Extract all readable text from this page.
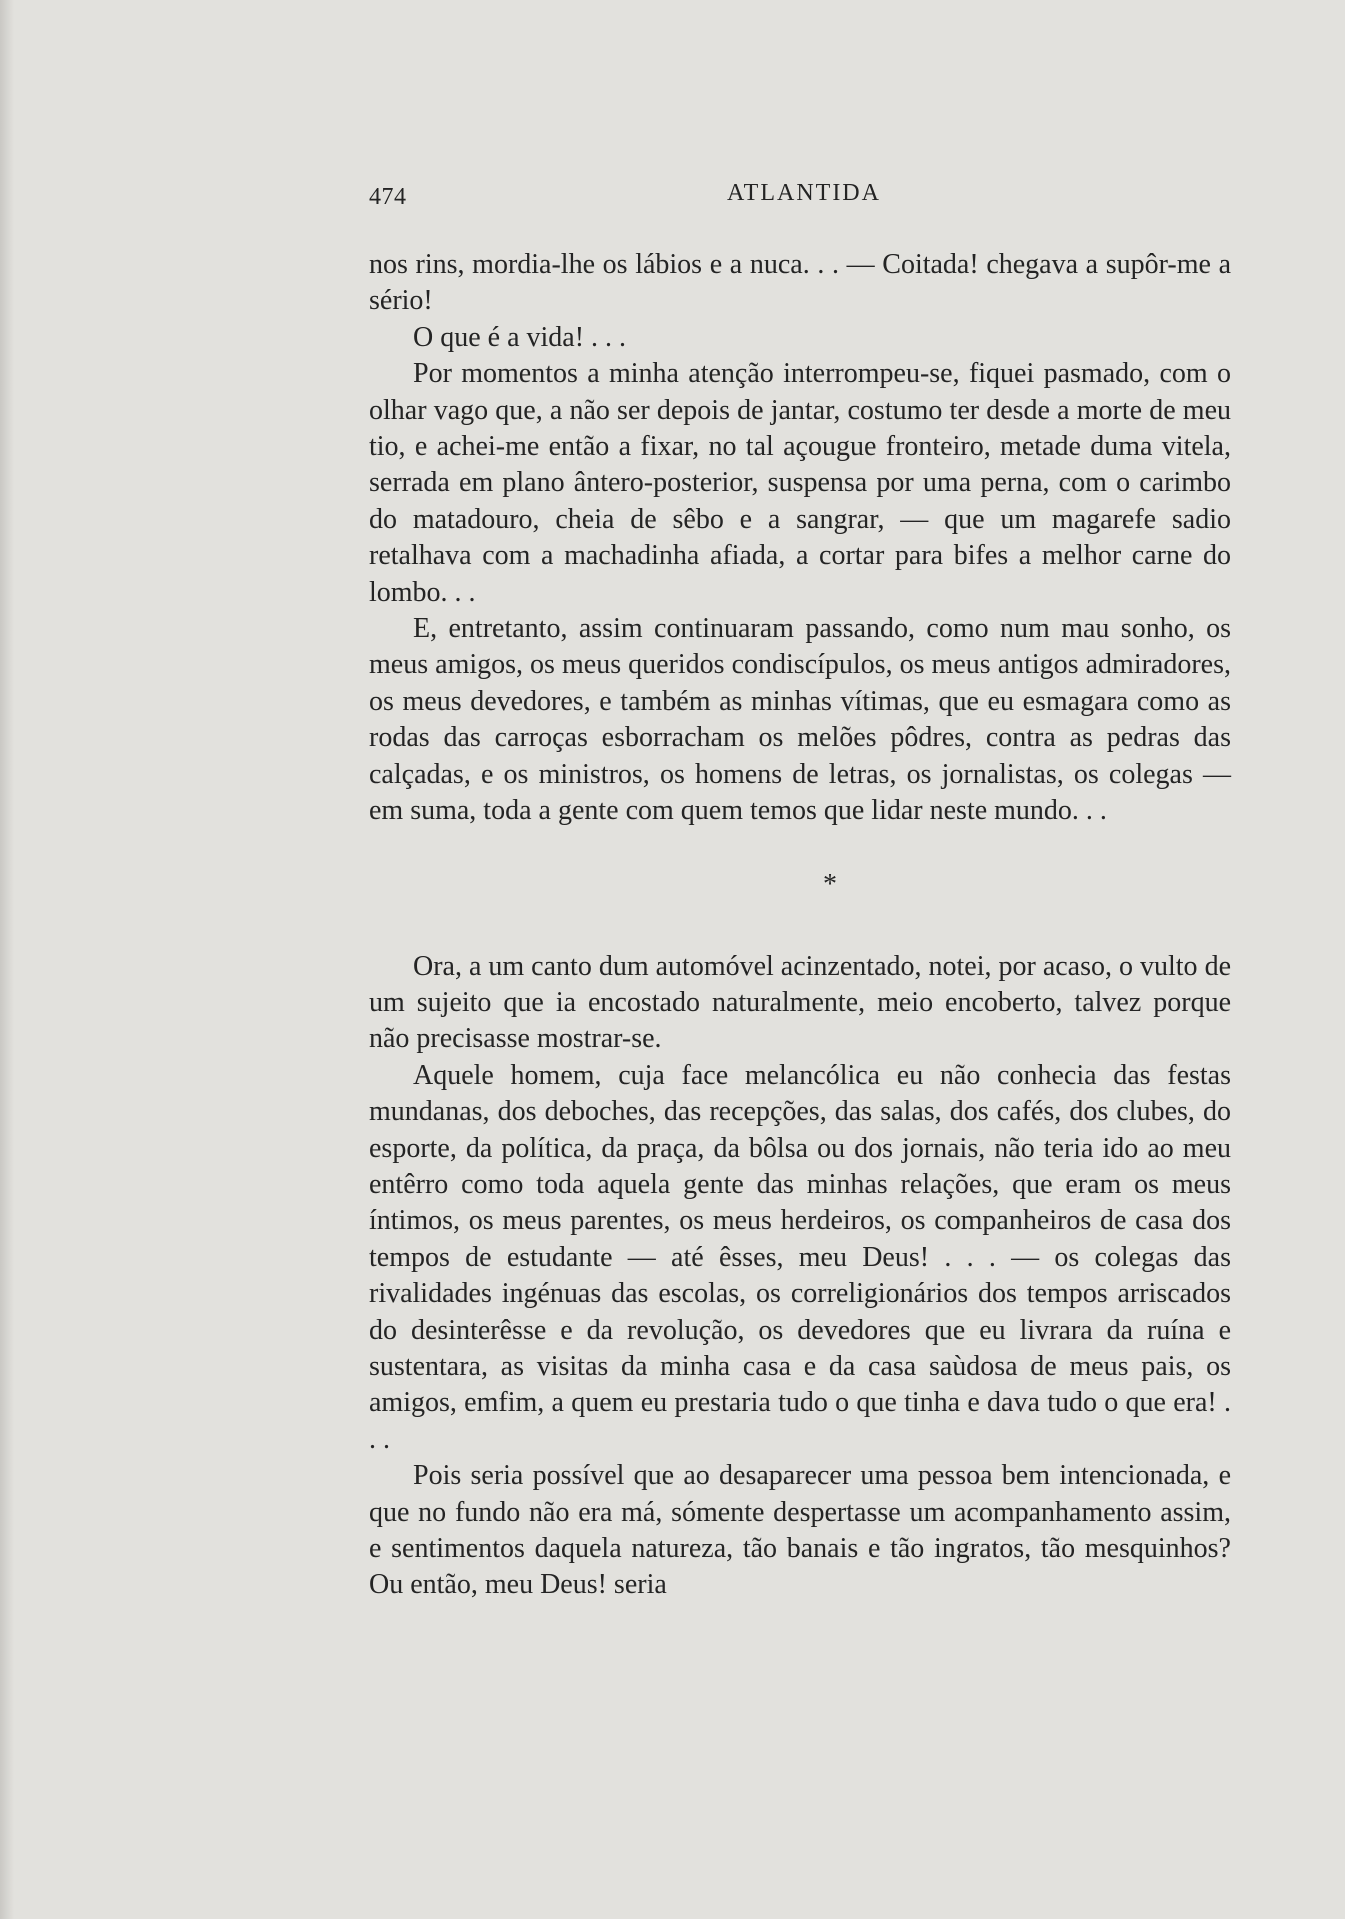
474	ATLANTIDA

nos rins, mordia-lhe os lábios e a nuca. . . — Coitada! chegava a supôr-me a sério!

O que é a vida! . . .

Por momentos a minha atenção interrompeu-se, fiquei pasmado, com o olhar vago que, a não ser depois de jantar, costumo ter desde a morte de meu tio, e achei-me então a fixar, no tal açougue fronteiro, metade duma vitela, serrada em plano ântero-posterior, suspensa por uma perna, com o carimbo do matadouro, cheia de sêbo e a sangrar, — que um magarefe sadio retalhava com a machadinha afiada, a cortar para bifes a melhor carne do lombo. . .

E, entretanto, assim continuaram passando, como num mau sonho, os meus amigos, os meus queridos condiscípulos, os meus antigos admiradores, os meus devedores, e também as minhas vítimas, que eu esmagara como as rodas das carroças esborracham os melões pôdres, contra as pedras das calçadas, e os ministros, os homens de letras, os jornalistas, os colegas — em suma, toda a gente com quem temos que lidar neste mundo. . .

*

Ora, a um canto dum automóvel acinzentado, notei, por acaso, o vulto de um sujeito que ia encostado naturalmente, meio encoberto, talvez porque não precisasse mostrar-se.

Aquele homem, cuja face melancólica eu não conhecia das festas mundanas, dos deboches, das recepções, das salas, dos cafés, dos clubes, do esporte, da política, da praça, da bôlsa ou dos jornais, não teria ido ao meu entêrro como toda aquela gente das minhas relações, que eram os meus íntimos, os meus parentes, os meus herdeiros, os companheiros de casa dos tempos de estudante — até êsses, meu Deus! . . . — os colegas das rivalidades ingénuas das escolas, os correligionários dos tempos arriscados do desinterêsse e da revolução, os devedores que eu livrara da ruína e sustentara, as visitas da minha casa e da casa saùdosa de meus pais, os amigos, emfim, a quem eu prestaria tudo o que tinha e dava tudo o que era! . . .

Pois seria possível que ao desaparecer uma pessoa bem intencionada, e que no fundo não era má, sómente despertasse um acompanhamento assim, e sentimentos daquela natureza, tão banais e tão ingratos, tão mesquinhos? Ou então, meu Deus! seria
